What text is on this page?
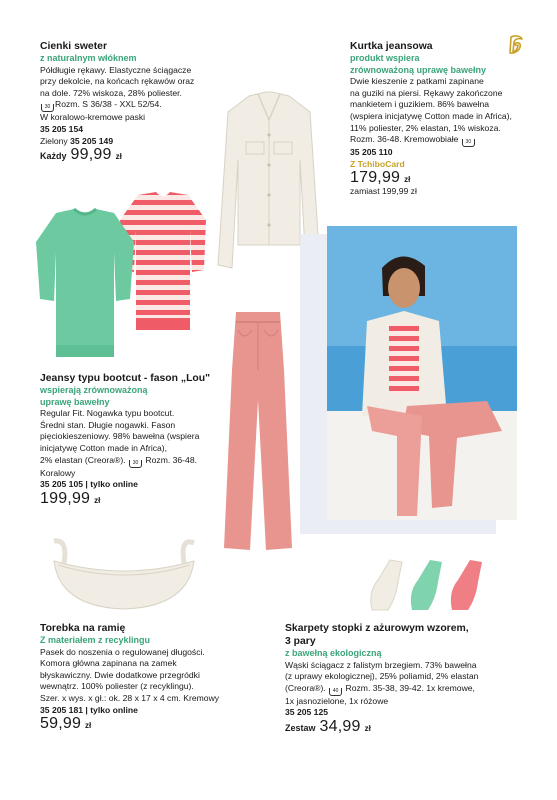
Cienki sweter
z naturalnym włóknem
Półdługie rękawy. Elastyczne ściągacze
przy dekolcie, na końcach rękawów oraz
na dole. 72% wiskoza, 28% poliester.
30 Rozm. S 36/38 - XXL 52/54.
W koralowo-kremowe paski
35 205 154
Zielony 35 205 149
Każdy 99,99 zł
Kurtka jeansowa
produkt wspiera
zrównoważoną uprawę bawełny
Dwie kieszenie z patkami zapinane
na guziki na piersi. Rękawy zakończone
mankietem i guzikiem. 86% bawełna
(wspiera inicjatywę Cotton made in Africa),
11% poliester, 2% elastan, 1% wiskoza.
Rozm. 36-48. Kremowobiałe 30
35 205 110
Z TchiboCard
179,99 zł
zamiast 199,99 zł
Jeansy typu bootcut - fason „Lou"
wspierają zrównoważoną
uprawę bawełny
Regular Fit. Nogawka typu bootcut.
Średni stan. Długie nogawki. Fason
pięciokieszeniowy. 98% bawełna (wspiera
inicjatywę Cotton made in Africa),
2% elastan (Creora®). 30 Rozm. 36-48.
Koralowy
35 205 105 | tylko online
199,99 zł
Torebka na ramię
Z materiałem z recyklingu
Pasek do noszenia o regulowanej długości.
Komora główna zapinana na zamek
błyskawiczny. Dwie dodatkowe przegródki
wewnątrz. 100% poliester (z recyklingu).
Szer. x wys. x gł.: ok. 28 x 17 x 4 cm. Kremowy
35 205 181 | tylko online
59,99 zł
Skarpety stopki z ażurowym wzorem,
3 pary
z bawełną ekologiczną
Wąski ściągacz z falistym brzegiem. 73% bawełna
(z uprawy ekologicznej), 25% poliamid, 2% elastan
(Creora®). 40 Rozm. 35-38, 39-42. 1x kremowe,
1x jasnozielone, 1x różowe
35 205 125
Zestaw 34,99 zł
